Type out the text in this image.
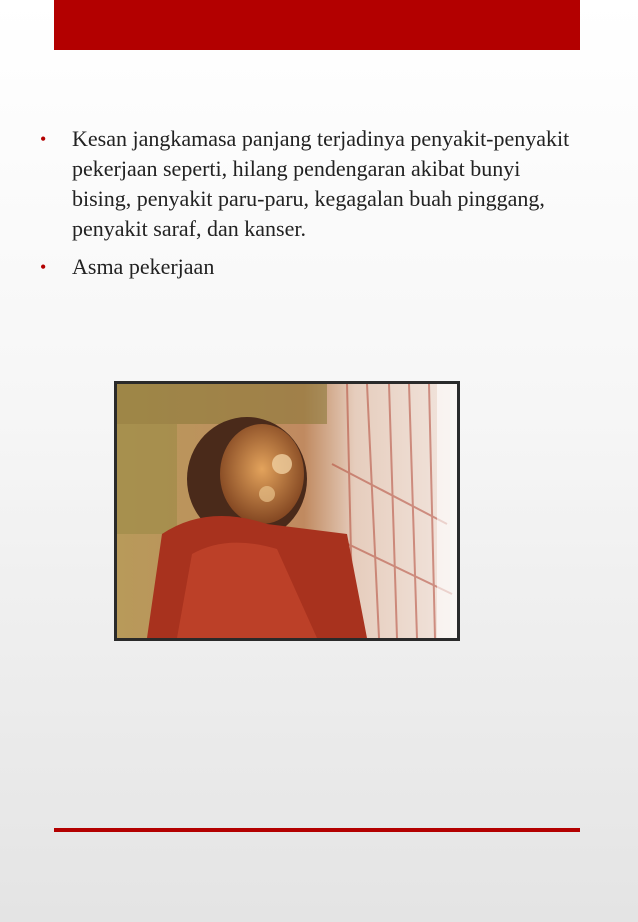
• Kesan jangkamasa panjang terjadinya penyakit-penyakit pekerjaan seperti, hilang pendengaran akibat bunyi bising, penyakit paru-paru, kegagalan buah pinggang, penyakit saraf, dan kanser.
• Asma pekerjaan
